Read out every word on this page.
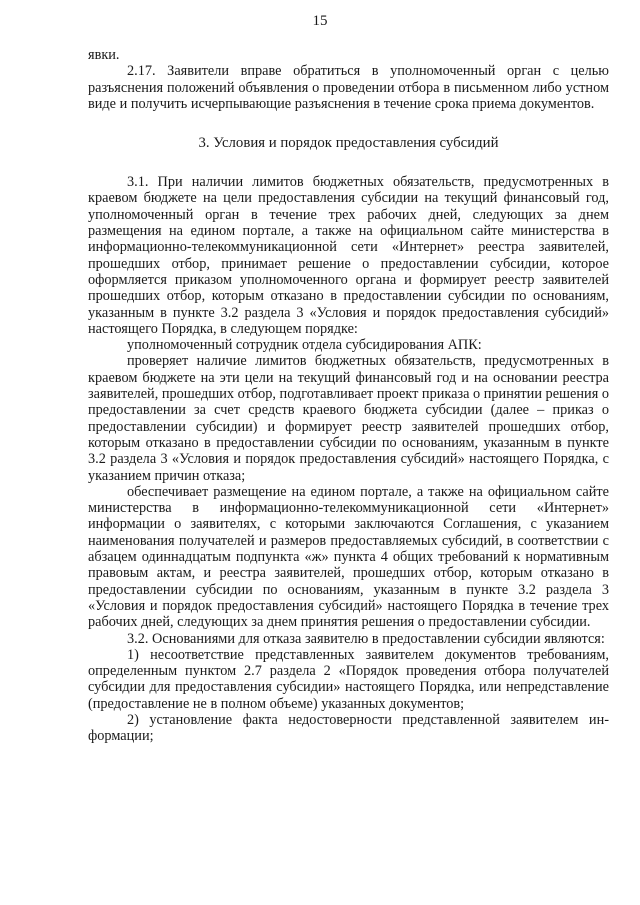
15

явки.

2.17. Заявители вправе обратиться в уполномоченный орган с целью разъяснения положений объявления о проведении отбора в письменном либо устном виде и получить исчерпывающие разъяснения в течение срока приема документов.

3. Условия и порядок предоставления субсидий

3.1. При наличии лимитов бюджетных обязательств, предусмотренных в краевом бюджете на цели предоставления субсидии на текущий финансовый год, уполномоченный орган в течение трех рабочих дней, следующих за днем размещения на едином портале, а также на официальном сайте министерства в информационно-телекоммуникационной сети «Интернет» реестра заявителей, прошедших отбор, принимает решение о предоставлении субсидии, которое оформляется приказом уполномоченного органа и формирует реестр заявителей прошедших отбор, которым отказано в предоставлении субсидии по основаниям, указанным в пункте 3.2 раздела 3 «Условия и порядок предоставления субсидий» настоящего Порядка, в следующем порядке:

уполномоченный сотрудник отдела субсидирования АПК:

проверяет наличие лимитов бюджетных обязательств, предусмотренных в краевом бюджете на эти цели на текущий финансовый год и на основании реестра заявителей, прошедших отбор, подготавливает проект приказа о принятии решения о предоставлении за счет средств краевого бюджета субсидии (далее – приказ о предоставлении субсидии) и формирует реестр заявителей прошедших отбор, которым отказано в предоставлении субсидии по основаниям, указанным в пункте 3.2 раздела 3 «Условия и порядок предоставления субсидий» настоящего Порядка, с указанием причин отказа;

обеспечивает размещение на едином портале, а также на официальном сайте министерства в информационно-телекоммуникационной сети «Интернет» информации о заявителях, с которыми заключаются Соглашения, с указанием наименования получателей и размеров предоставляемых субсидий, в соответствии с абзацем одиннадцатым подпункта «ж» пункта 4 общих требований к нормативным правовым актам, и реестра заявителей, прошедших отбор, которым отказано в предоставлении субсидии по основаниям, указанным в пункте 3.2 раздела 3 «Условия и порядок предоставления субсидий» настоящего Порядка в течение трех рабочих дней, следующих за днем принятия решения о предоставлении субсидии.

3.2. Основаниями для отказа заявителю в предоставлении субсидии являются:

1) несоответствие представленных заявителем документов требованиям, определенным пунктом 2.7 раздела 2 «Порядок проведения отбора получателей субсидии для предоставления субсидии» настоящего Порядка, или непредставление (предоставление не в полном объеме) указанных документов;

2) установление факта недостоверности представленной заявителем информации;
